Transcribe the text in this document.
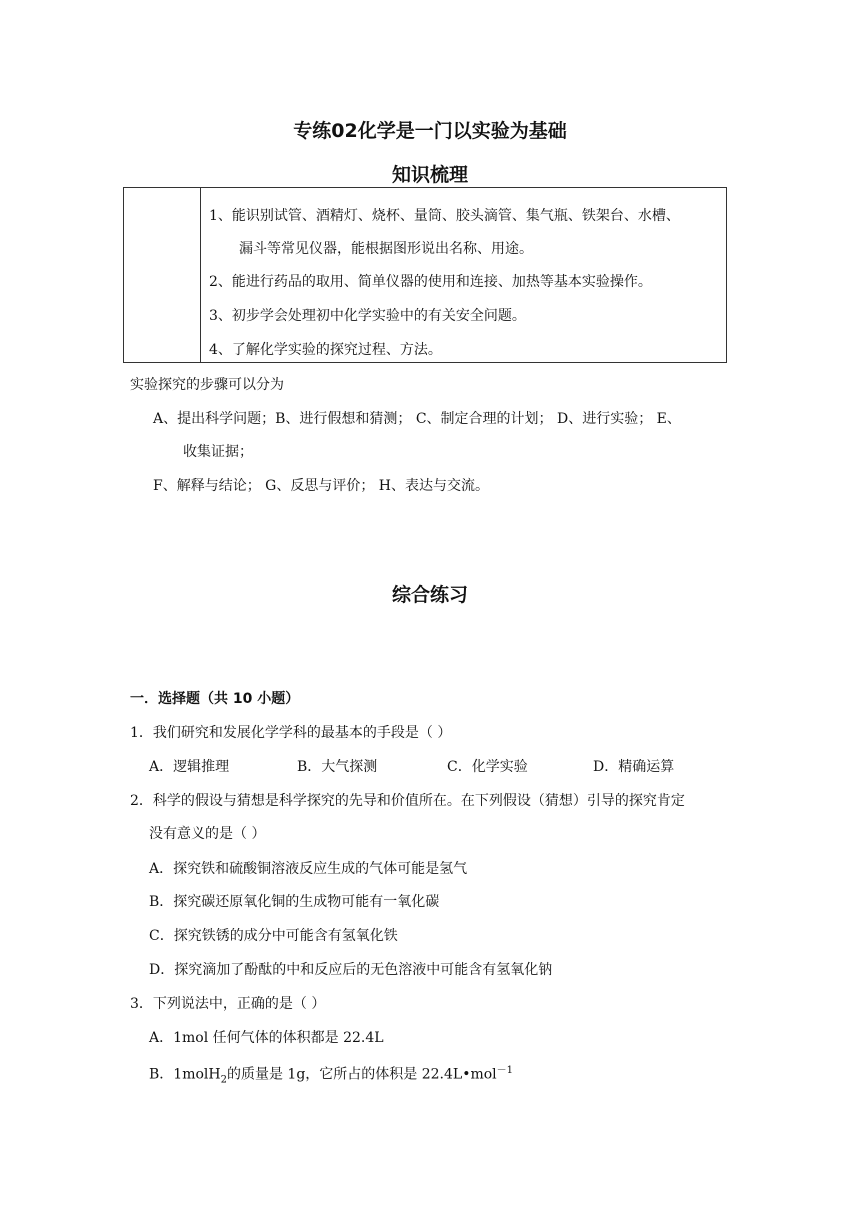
专练02化学是一门以实验为基础
知识梳理
1、能识别试管、酒精灯、烧杯、量筒、胶头滴管、集气瓶、铁架台、水槽、
漏斗等常见仪器，能根据图形说出名称、用途。
2、能进行药品的取用、简单仪器的使用和连接、加热等基本实验操作。
3、初步学会处理初中化学实验中的有关安全问题。
4、了解化学实验的探究过程、方法。
实验探究的步骤可以分为
A、提出科学问题；B、进行假想和猜测； C、制定合理的计划； D、进行实验； E、
收集证据；
F、解释与结论； G、反思与评价； H、表达与交流。
综合练习
一．选择题（共 10 小题）
1．我们研究和发展化学学科的最基本的手段是（ ）
A．逻辑推理	B．大气探测	C．化学实验	D．精确运算
2．科学的假设与猜想是科学探究的先导和价值所在。在下列假设（猜想）引导的探究肯定
没有意义的是（ ）
A．探究铁和硫酸铜溶液反应生成的气体可能是氢气
B．探究碳还原氧化铜的生成物可能有一氧化碳
C．探究铁锈的成分中可能含有氢氧化铁
D．探究滴加了酚酞的中和反应后的无色溶液中可能含有氢氧化钠
3．下列说法中，正确的是（ ）
A．1mol 任何气体的体积都是 22.4L
B．1molH$_2$的质量是 1g，它所占的体积是 22.4L•mol$^{-1}$
